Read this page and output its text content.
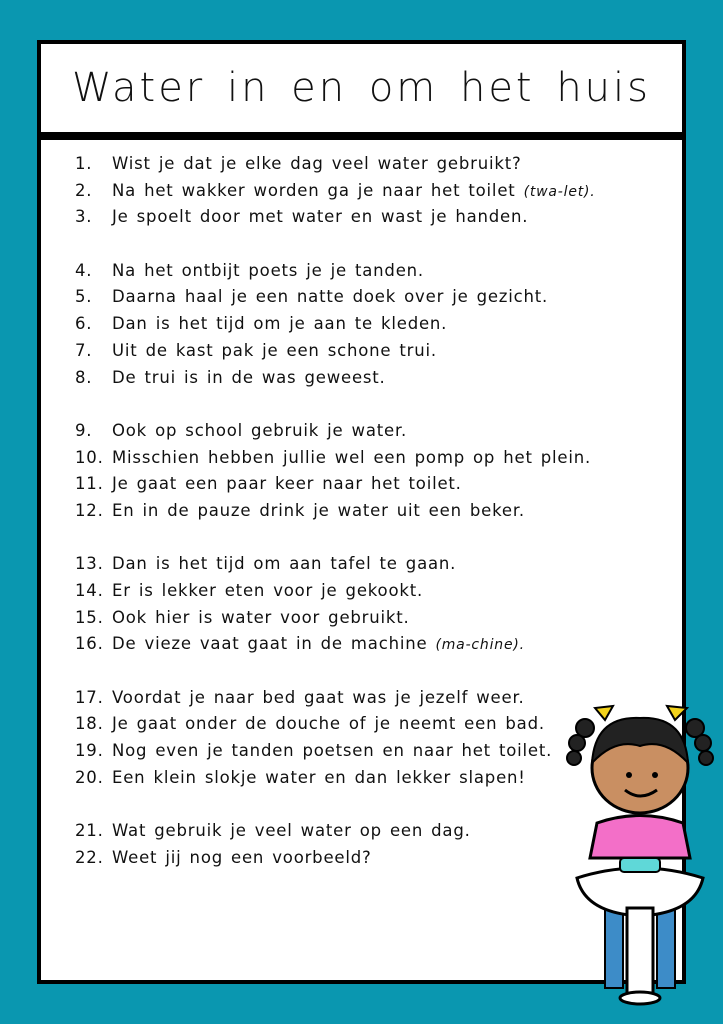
Water in en om het huis
1. Wist je dat je elke dag veel water gebruikt?
2. Na het wakker worden ga je naar het toilet (twa-let).
3. Je spoelt door met water en wast je handen.
4. Na het ontbijt poets je je tanden.
5. Daarna haal je een natte doek over je gezicht.
6. Dan is het tijd om je aan te kleden.
7. Uit de kast pak je een schone trui.
8. De trui is in de was geweest.
9. Ook op school gebruik je water.
10. Misschien hebben jullie wel een pomp op het plein.
11. Je gaat een paar keer naar het toilet.
12. En in de pauze drink je water uit een beker.
13. Dan is het tijd om aan tafel te gaan.
14. Er is lekker eten voor je gekookt.
15. Ook hier is water voor gebruikt.
16. De vieze vaat gaat in de machine (ma-chine).
17. Voordat je naar bed gaat was je jezelf weer.
18. Je gaat onder de douche of je neemt een bad.
19. Nog even je tanden poetsen en naar het toilet.
20. Een klein slokje water en dan lekker slapen!
21. Wat gebruik je veel water op een dag.
22. Weet jij nog een voorbeeld?
